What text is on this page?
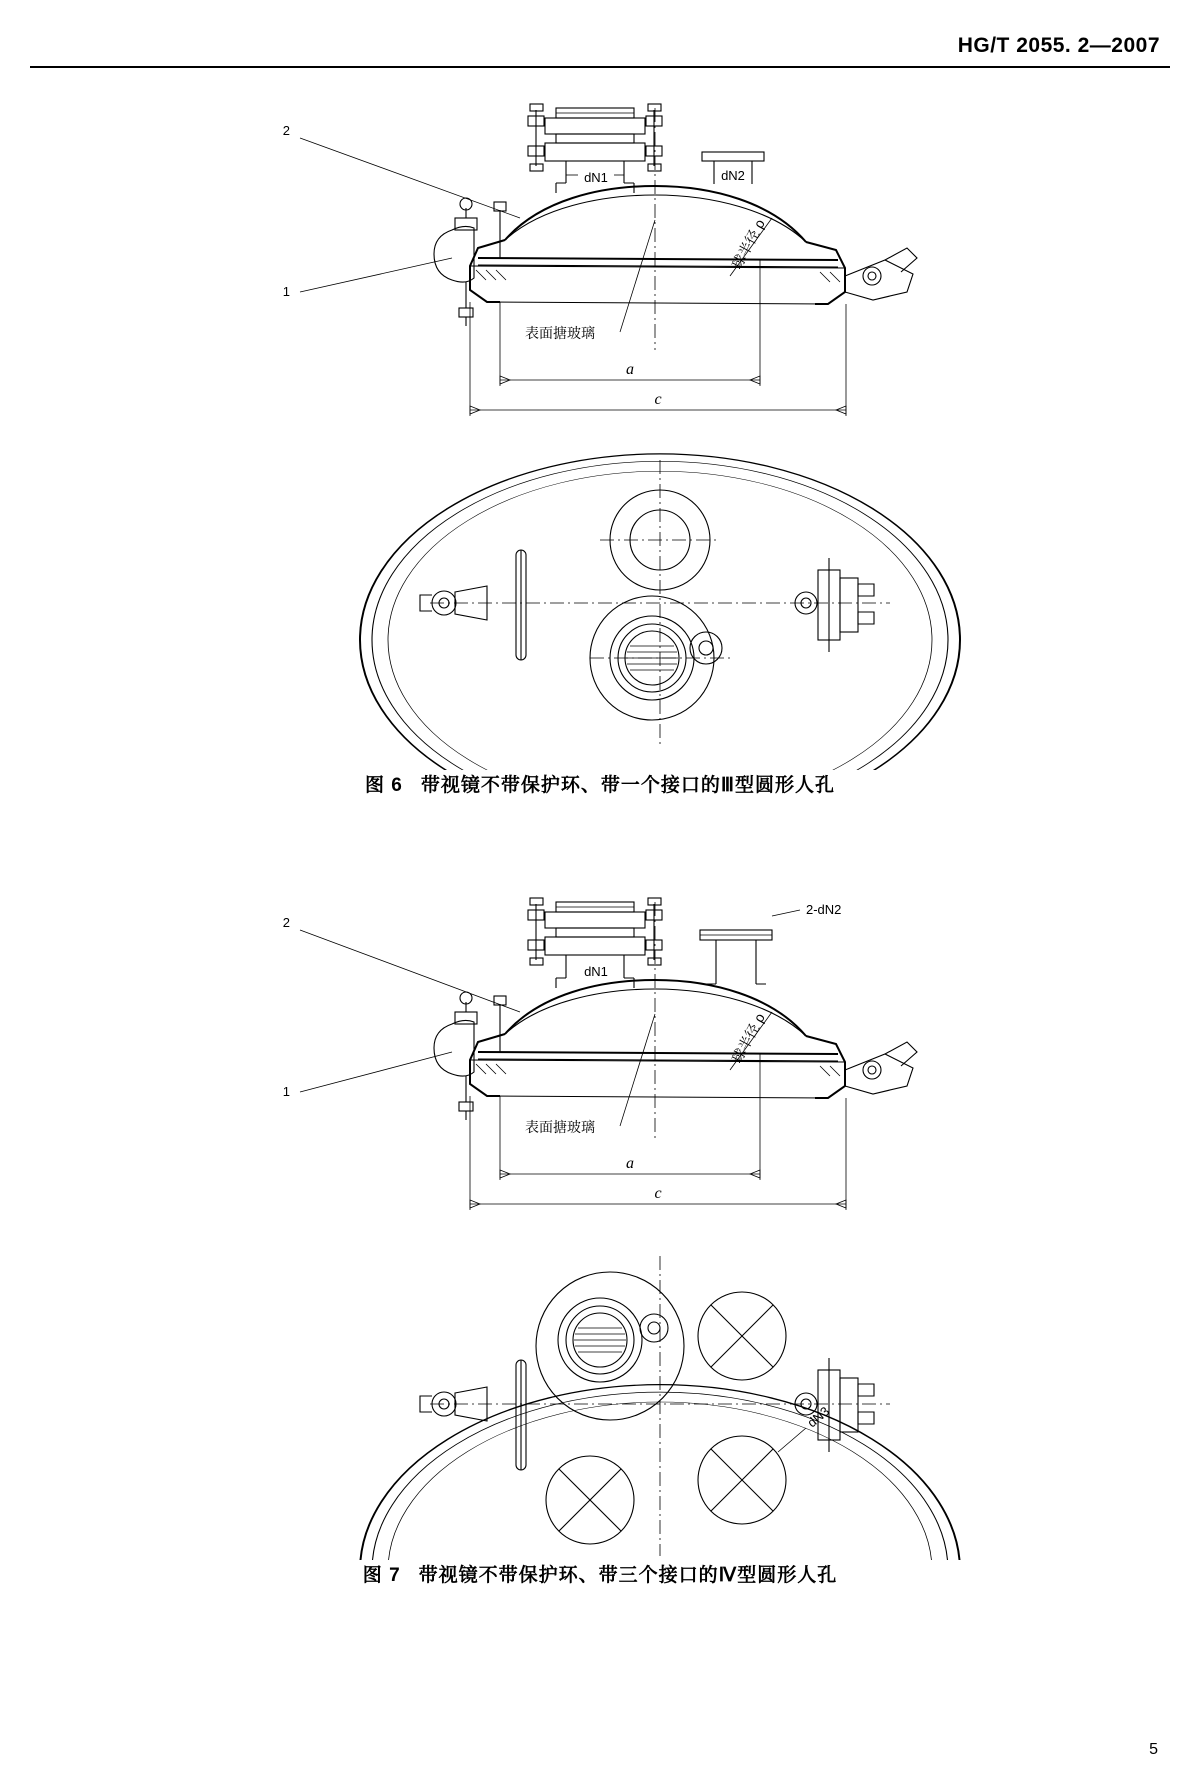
HG/T 2055. 2—2007
dN1	dN2
2
1
表面搪玻璃
球半径 ρ
a
c
图 6 带视镜不带保护环、带一个接口的Ⅲ型圆形人孔
dN1
2-dN2
2
1
表面搪玻璃
球半径 ρ
a
c
dN3
图 7 带视镜不带保护环、带三个接口的Ⅳ型圆形人孔
5
